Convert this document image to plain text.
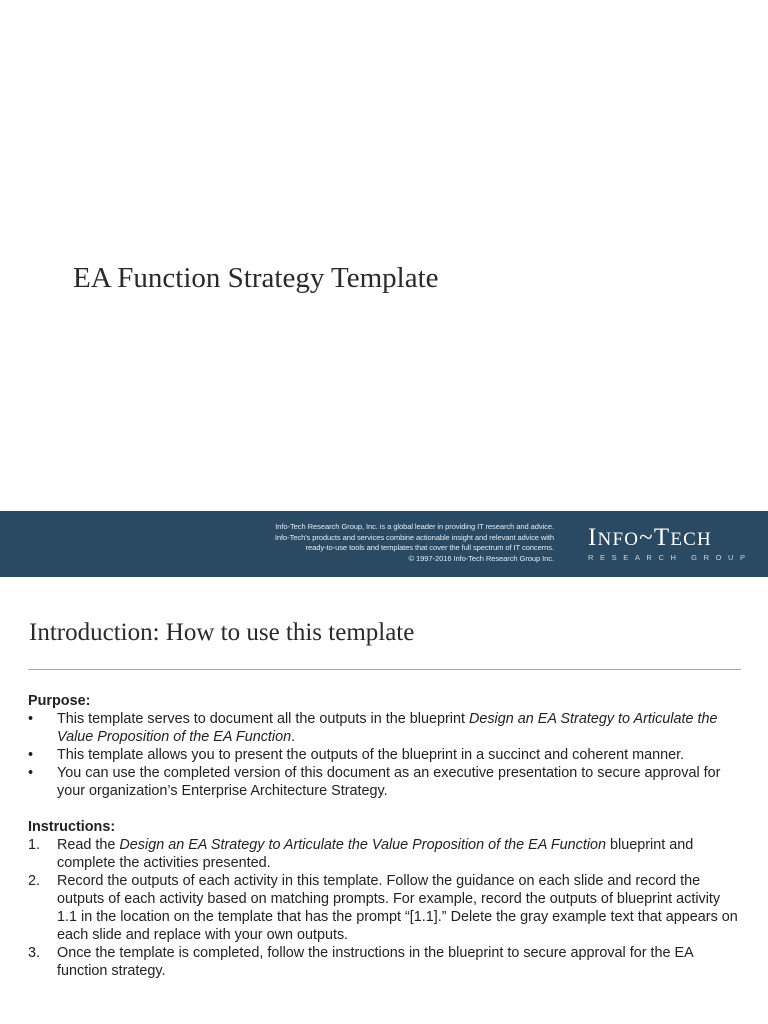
EA Function Strategy Template
Info-Tech Research Group, Inc. is a global leader in providing IT research and advice.
Info-Tech's products and services combine actionable insight and relevant advice with
ready-to-use tools and templates that cover the full spectrum of IT concerns.
© 1997-2016 Info-Tech Research Group Inc.
INFO~TECH
RESEARCH GROUP
Introduction: How to use this template
Purpose:
• This template serves to document all the outputs in the blueprint Design an EA Strategy to Articulate the Value Proposition of the EA Function.
• This template allows you to present the outputs of the blueprint in a succinct and coherent manner.
• You can use the completed version of this document as an executive presentation to secure approval for your organization’s Enterprise Architecture Strategy.
Instructions:
1. Read the Design an EA Strategy to Articulate the Value Proposition of the EA Function blueprint and complete the activities presented.
2. Record the outputs of each activity in this template. Follow the guidance on each slide and record the outputs of each activity based on matching prompts. For example, record the outputs of blueprint activity 1.1 in the location on the template that has the prompt “[1.1].” Delete the gray example text that appears on each slide and replace with your own outputs.
3. Once the template is completed, follow the instructions in the blueprint to secure approval for the EA function strategy.
